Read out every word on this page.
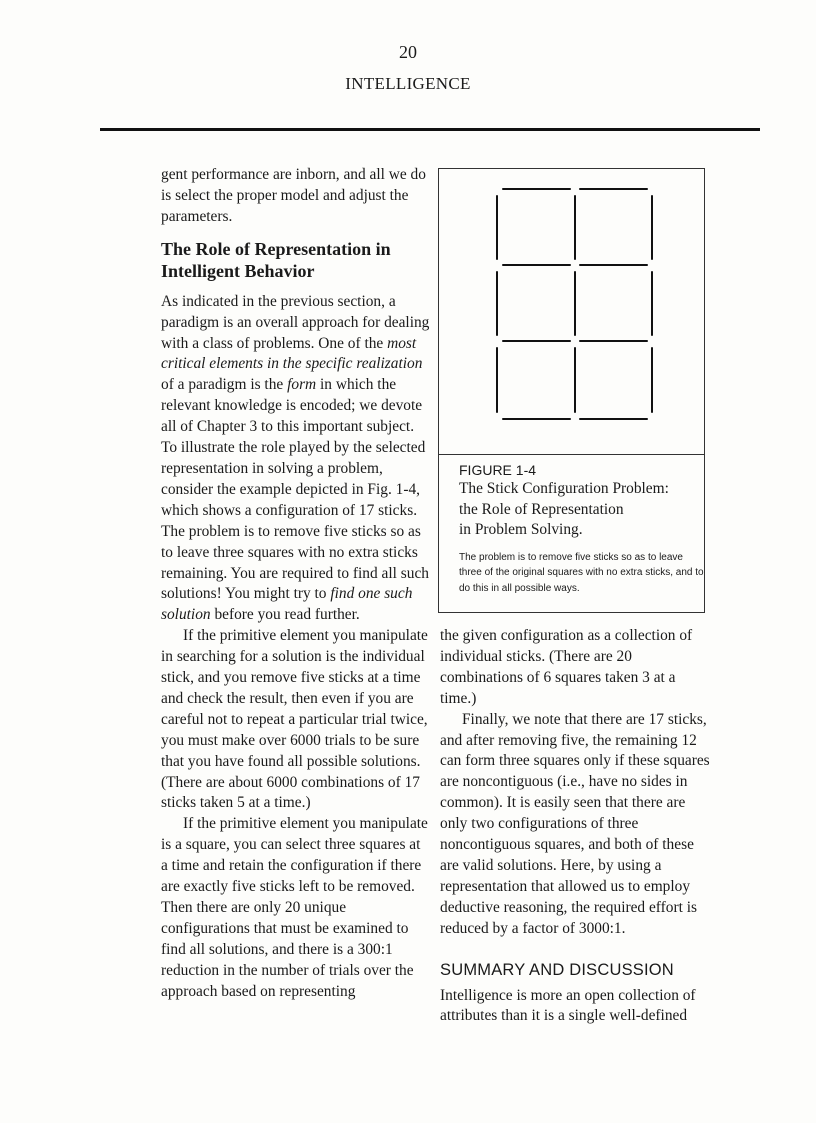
20
INTELLIGENCE

gent performance are inborn, and all we do is select the proper model and adjust the parameters.

The Role of Representation in Intelligent Behavior

As indicated in the previous section, a paradigm is an overall approach for dealing with a class of problems. One of the most critical elements in the specific realization of a paradigm is the form in which the relevant knowledge is encoded; we devote all of Chapter 3 to this important subject. To illustrate the role played by the selected representation in solving a problem, consider the example depicted in Fig. 1-4, which shows a configuration of 17 sticks. The problem is to remove five sticks so as to leave three squares with no extra sticks remaining. You are required to find all such solutions! You might try to find one such solution before you read further.

If the primitive element you manipulate in searching for a solution is the individual stick, and you remove five sticks at a time and check the result, then even if you are careful not to repeat a particular trial twice, you must make over 6000 trials to be sure that you have found all possible solutions. (There are about 6000 combinations of 17 sticks taken 5 at a time.)

If the primitive element you manipulate is a square, you can select three squares at a time and retain the configuration if there are exactly five sticks left to be removed. Then there are only 20 unique configurations that must be examined to find all solutions, and there is a 300:1 reduction in the number of trials over the approach based on representing

FIGURE 1-4
The Stick Configuration Problem:
the Role of Representation
in Problem Solving.
The problem is to remove five sticks so as to leave three of the original squares with no extra sticks, and to do this in all possible ways.

the given configuration as a collection of individual sticks. (There are 20 combinations of 6 squares taken 3 at a time.)

Finally, we note that there are 17 sticks, and after removing five, the remaining 12 can form three squares only if these squares are noncontiguous (i.e., have no sides in common). It is easily seen that there are only two configurations of three noncontiguous squares, and both of these are valid solutions. Here, by using a representation that allowed us to employ deductive reasoning, the required effort is reduced by a factor of 3000:1.

SUMMARY AND DISCUSSION

Intelligence is more an open collection of attributes than it is a single well-defined
